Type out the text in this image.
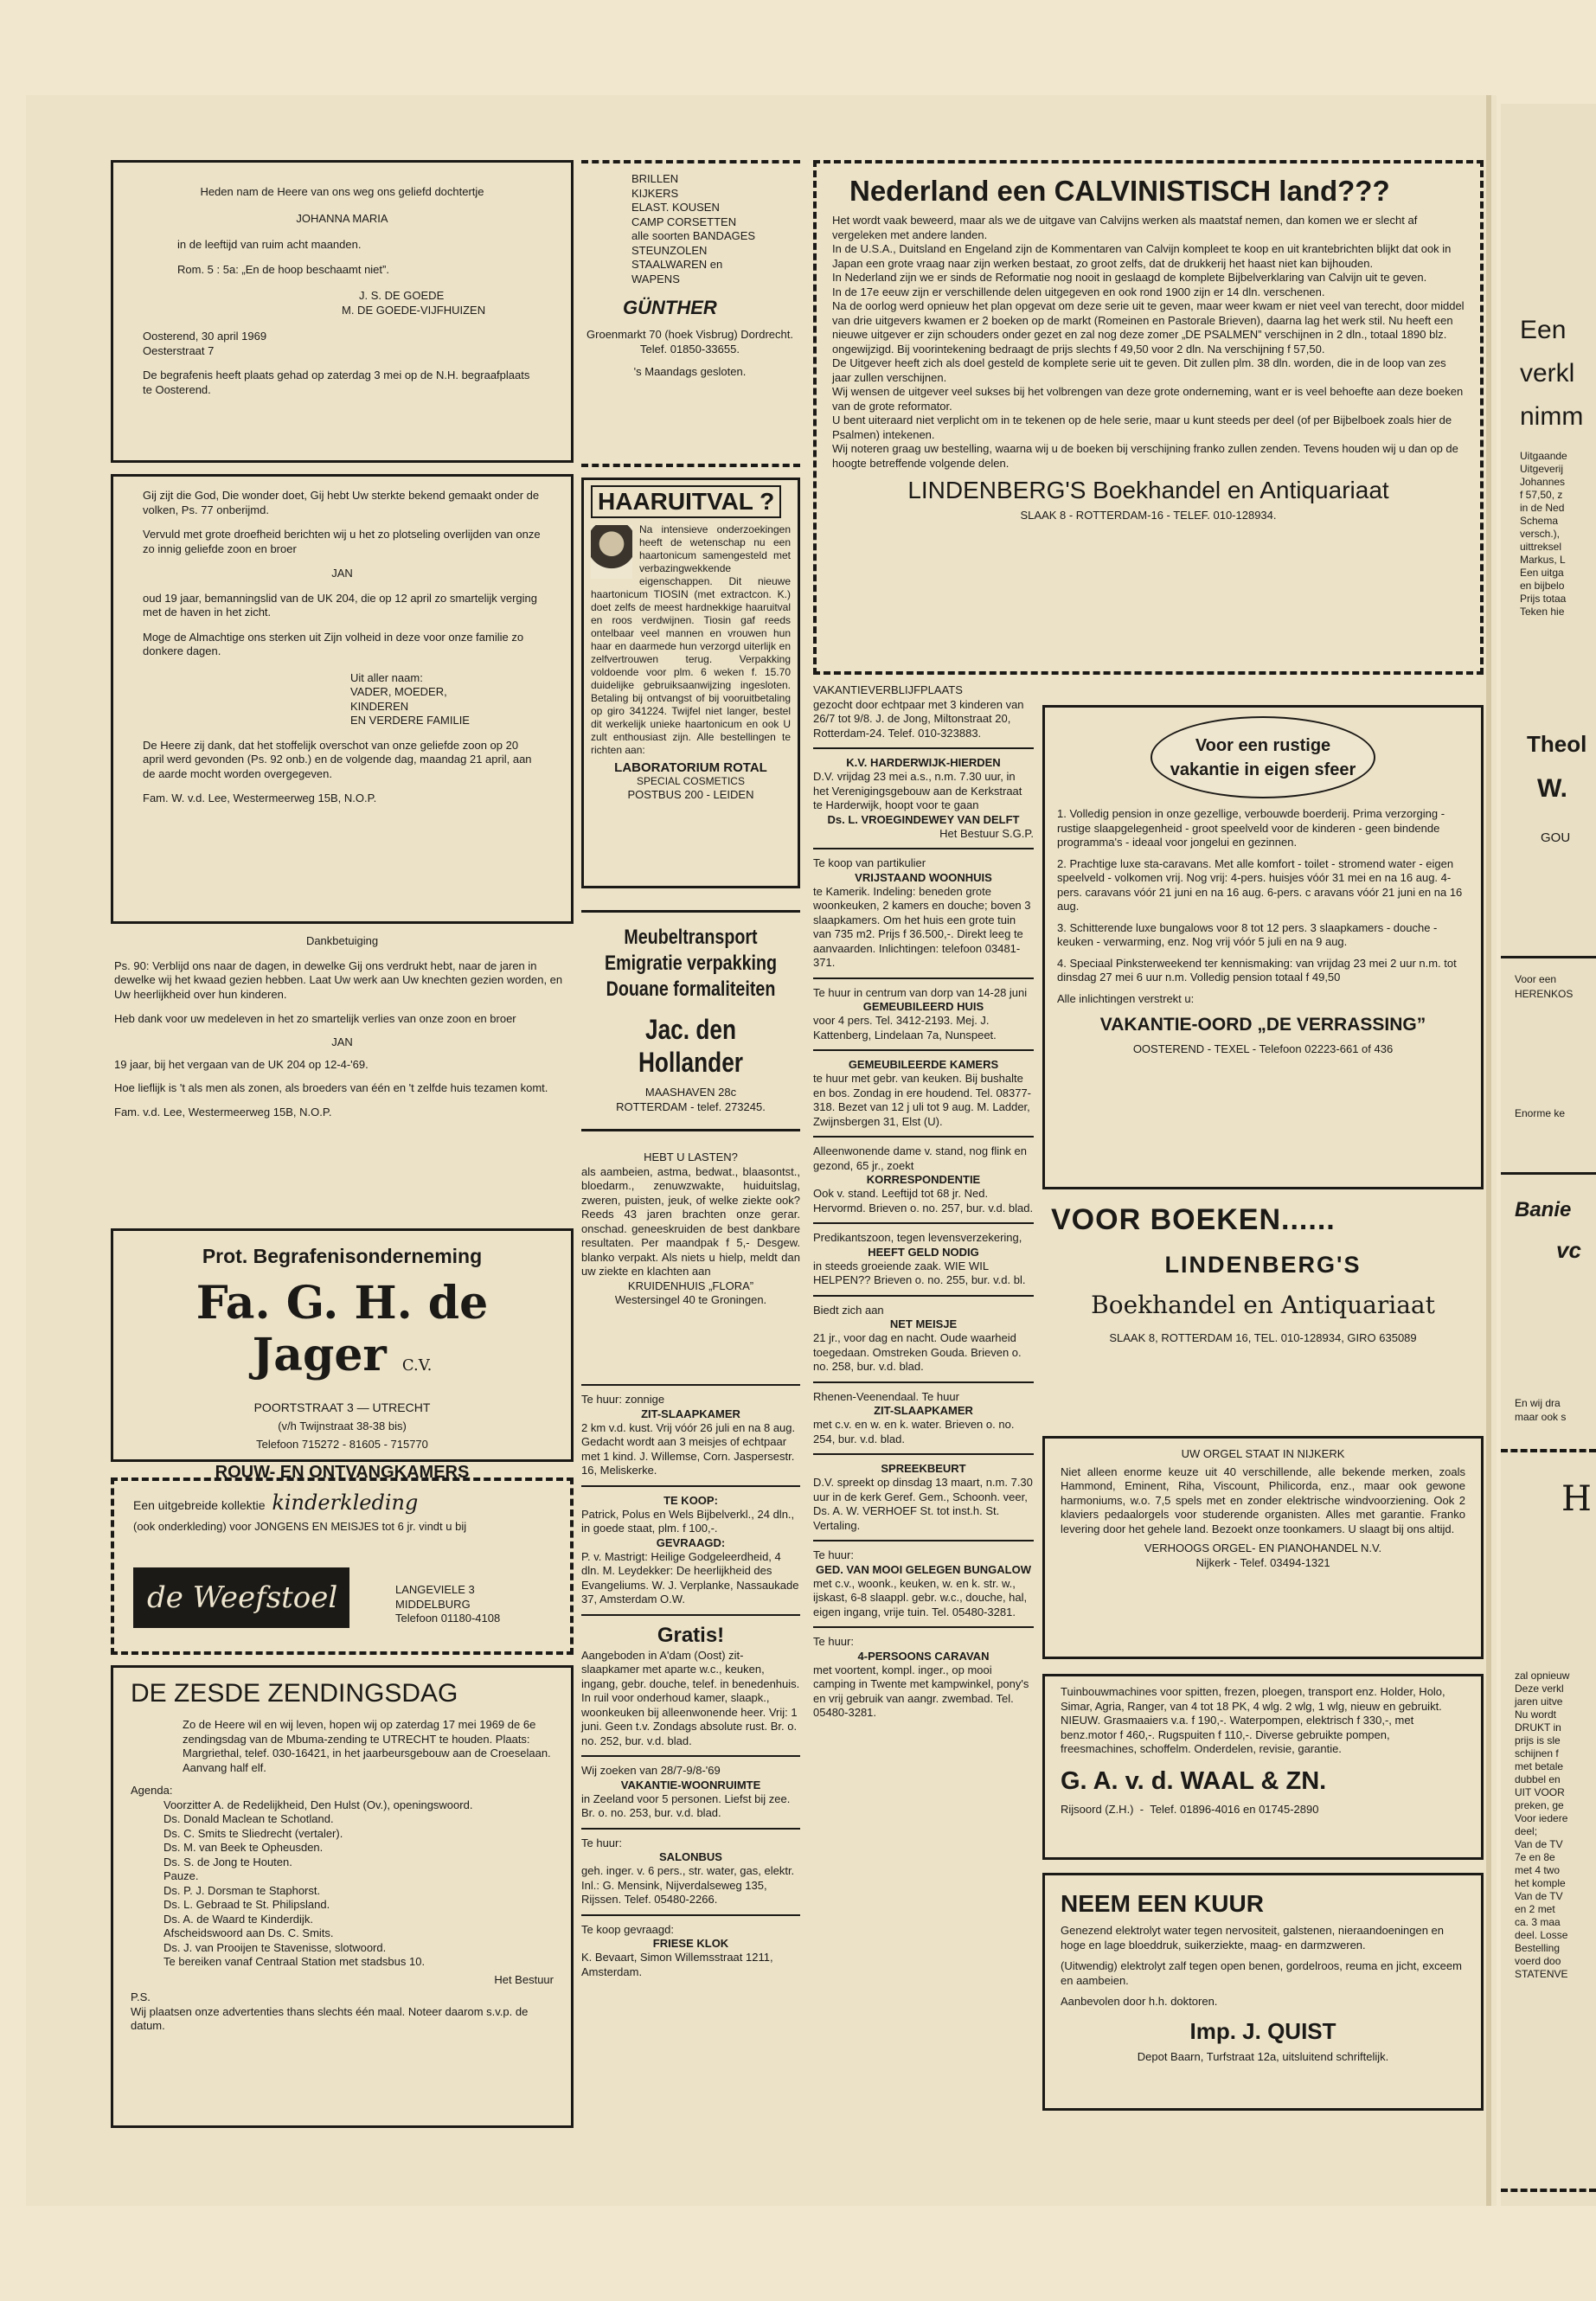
Heden nam de Heere van ons weg ons geliefd dochtertje

JOHANNA MARIA

in de leeftijd van ruim acht maanden.

Rom. 5 : 5a: „En de hoop beschaamt niet”.

J. S. DE GOEDE

M. DE GOEDE-VIJFHUIZEN

Oosterend, 30 april 1969

Oesterstraat 7

De begrafenis heeft plaats gehad op zaterdag 3 mei op de N.H. begraafplaats te Oosterend.

Gij zijt die God, Die wonder doet, Gij hebt Uw sterkte bekend gemaakt onder de volken, Ps. 77 onberijmd.

Vervuld met grote droefheid berichten wij u het zo plotseling overlijden van onze zo innig geliefde zoon en broer

JAN

oud 19 jaar, bemanningslid van de UK 204, die op 12 april zo smartelijk verging met de haven in het zicht.

Moge de Almachtige ons sterken uit Zijn volheid in deze voor onze familie zo donkere dagen.

Uit aller naam:

VADER, MOEDER,

KINDEREN

EN VERDERE FAMILIE

De Heere zij dank, dat het stoffelijk overschot van onze geliefde zoon op 20 april werd gevonden (Ps. 92 onb.) en de volgende dag, maandag 21 april, aan de aarde mocht worden overgegeven.

Fam. W. v.d. Lee, Westermeerweg 15B, N.O.P.

Dankbetuiging

Ps. 90: Verblijd ons naar de dagen, in dewelke Gij ons verdrukt hebt, naar de jaren in dewelke wij het kwaad gezien hebben. Laat Uw werk aan Uw knechten gezien worden, en Uw heerlijkheid over hun kinderen.

Heb dank voor uw medeleven in het zo smartelijk verlies van onze zoon en broer

JAN

19 jaar, bij het vergaan van de UK 204 op 12-4-'69.

Hoe lieflijk is 't als men als zonen, als broeders van één en 't zelfde huis tezamen komt.

Fam. v.d. Lee, Westermeerweg 15B, N.O.P.

Prot. Begrafenisonderneming

Fa. G. H. de Jager C.V.

POORTSTRAAT 3 — UTRECHT

(v/h Twijnstraat 38-38 bis)

Telefoon 715272 - 81605 - 715770

ROUW- EN ONTVANGKAMERS

Een uitgebreide kollektie kinderkleding

(ook onderkleding) voor JONGENS EN MEISJES tot 6 jr. vindt u bij

de Weefstoel	LANGEVIELE 3

MIDDELBURG

Telefoon 01180-4108

DE ZESDE ZENDINGSDAG

Zo de Heere wil en wij leven, hopen wij op zaterdag 17 mei 1969 de 6e zendingsdag van de Mbuma-zending te UTRECHT te houden. Plaats: Margriethal, telef. 030-16421, in het jaarbeursgebouw aan de Croeselaan. Aanvang half elf.

Agenda:

Voorzitter A. de Redelijkheid, Den Hulst (Ov.), openingswoord.

Ds. Donald Maclean te Schotland.

Ds. C. Smits te Sliedrecht (vertaler).

Ds. M. van Beek te Opheusden.

Ds. S. de Jong te Houten.

Pauze.

Ds. P. J. Dorsman te Staphorst.

Ds. L. Gebraad te St. Philipsland.

Ds. A. de Waard te Kinderdijk.

Afscheidswoord aan Ds. C. Smits.

Ds. J. van Prooijen te Stavenisse, slotwoord.

Te bereiken vanaf Centraal Station met stadsbus 10.

Het Bestuur

P.S.

Wij plaatsen onze advertenties thans slechts één maal. Noteer daarom s.v.p. de datum.

BRILLEN

KIJKERS

ELAST. KOUSEN

CAMP CORSETTEN

alle soorten BANDAGES

STEUNZOLEN

STAALWAREN en

WAPENS

GÜNTHER

Groenmarkt 70 (hoek Visbrug) Dordrecht. Telef. 01850-33655.

's Maandags gesloten.

HAARUITVAL ?

Na intensieve onderzoekingen heeft de wetenschap nu een haartonicum samengesteld met verbazingwekkende eigenschappen. Dit nieuwe haartonicum TIOSIN (met extractcon. K.) doet zelfs de meest hardnekkige haaruitval en roos verdwijnen. Tiosin gaf reeds ontelbaar veel mannen en vrouwen hun haar en daarmede hun verzorgd uiterlijk en zelfvertrouwen terug. Verpakking voldoende voor plm. 6 weken f. 15.70 duidelijke gebruiksaanwijzing ingesloten. Betaling bij ontvangst of bij vooruitbetaling op giro 341224. Twijfel niet langer, bestel dit werkelijk unieke haartonicum en ook U zult enthousiast zijn. Alle bestellingen te richten aan:

LABORATORIUM ROTAL

SPECIAL COSMETICS

POSTBUS 200 - LEIDEN

Meubeltransport

Emigratie verpakking

Douane formaliteiten

Jac. den Hollander

MAASHAVEN 28c

ROTTERDAM - telef. 273245.

HEBT U LASTEN?

als aambeien, astma, bedwat., blaasontst., bloedarm., zenuwzwakte, huiduitslag, zweren, puisten, jeuk, of welke ziekte ook? Reeds 43 jaren brachten onze geгar. onschad. geneeskruiden de best dankbare resultaten. Per maandpak f 5,- Desgew. blanko verpakt. Als niets u hielp, meldt dan uw ziekte en klachten aan

KRUIDENHUIS „FLORA”

Westersingel 40 te Groningen.

Te huur: zonnige

ZIT-SLAAPKAMER

2 km v.d. kust. Vrij vóór 26 juli en na 8 aug. Gedacht wordt aan 3 meisjes of echtpaar met 1 kind. J. Willemse, Corn. Jaspersestr. 16, Meliskerke.

TE KOOP:

Patrick, Polus en Wels Bijbelverkl., 24 dln., in goede staat, plm. f 100,-.

GEVRAAGD:

P. v. Mastrigt: Heilige Godgeleerdheid, 4 dln. M. Leydekker: De heerlijkheid des Evangeliums. W. J. Verplanke, Nassaukade 37, Amsterdam O.W.

Gratis!

Aangeboden in A'dam (Oost) zit-slaapkamer met aparte w.c., keuken, ingang, gebr. douche, telef. in benedenhuis. In ruil voor onderhoud kamer, slaapk., woonkeuken bij alleenwonende heer. Vrij: 1 juni. Geen t.v. Zondags absolute rust. Br. o. no. 252, bur. v.d. blad.

Wij zoeken van 28/7-9/8-'69

VAKANTIE-WOONRUIMTE

in Zeeland voor 5 personen. Liefst bij zee. Br. o. no. 253, bur. v.d. blad.

Te huur:

SALONBUS

geh. inger. v. 6 pers., str. water, gas, elektr. Inl.: G. Mensink, Nijverdalseweg 135, Rijssen. Telef. 05480-2266.

Te koop gevraagd:

FRIESE KLOK

K. Bevaart, Simon Willemsstraat 1211, Amsterdam.

Nederland een CALVINISTISCH land???

Het wordt vaak beweerd, maar als we de uitgave van Calvijns werken als maatstaf nemen, dan komen we er slecht af vergeleken met andere landen.

In de U.S.A., Duitsland en Engeland zijn de Kommentaren van Calvijn kompleet te koop en uit krantebrichten blijkt dat ook in Japan een grote vraag naar zijn werken bestaat, zo groot zelfs, dat de drukkerij het haast niet kan bijhouden.

In Nederland zijn we er sinds de Reformatie nog nooit in geslaagd de komplete Bijbelverklaring van Calvijn uit te geven.

In de 17e eeuw zijn er verschillende delen uitgegeven en ook rond 1900 zijn er 14 dln. verschenen.

Na de oorlog werd opnieuw het plan opgevat om deze serie uit te geven, maar weer kwam er niet veel van terecht, door middel van drie uitgevers kwamen er 2 boeken op de markt (Romeinen en Pastorale Brieven), daarna lag het werk stil. Nu heeft een nieuwe uitgever er zijn schouders onder gezet en zal nog deze zomer „DE PSALMEN” verschijnen in 2 dln., totaal 1890 blz. ongewijzigd. Bij voorintekening bedraagt de prijs slechts f 49,50 voor 2 dln. Na verschijning f 57,50.

De Uitgever heeft zich als doel gesteld de komplete serie uit te geven. Dit zullen plm. 38 dln. worden, die in de loop van zes jaar zullen verschijnen.

Wij wensen de uitgever veel sukses bij het volbrengen van deze grote onderneming, want er is veel behoefte aan deze boeken van de grote reformator.

U bent uiteraard niet verplicht om in te tekenen op de hele serie, maar u kunt steeds per deel (of per Bijbelboek zoals hier de Psalmen) intekenen.

Wij noteren graag uw bestelling, waarna wij u de boeken bij verschijning franko zullen zenden. Tevens houden wij u dan op de hoogte betreffende volgende delen.

LINDENBERG'S Boekhandel en Antiquariaat

SLAAK 8 - ROTTERDAM-16 - TELEF. 010-128934.

VAKANTIEVERBLIJFPLAATS

gezocht door echtpaar met 3 kinderen van 26/7 tot 9/8. J. de Jong, Miltonstraat 20, Rotterdam-24. Telef. 010-323883.

K.V. HARDERWIJK-HIERDEN

D.V. vrijdag 23 mei a.s., n.m. 7.30 uur, in het Verenigingsgebouw aan de Kerkstraat te Harderwijk, hoopt voor te gaan

Ds. L. VROEGINDEWEY VAN DELFT

Het Bestuur S.G.P.

Te koop van partikulier

VRIJSTAAND WOONHUIS

te Kamerik. Indeling: beneden grote woonkeuken, 2 kamers en douche; boven 3 slaapkamers. Om het huis een grote tuin van 735 m2. Prijs f 36.500,-. Direkt leeg te aanvaarden. Inlichtingen: telefoon 03481-371.

Te huur in centrum van dorp van 14-28 juni

GEMEUBILEERD HUIS

voor 4 pers. Tel. 3412-2193. Mej. J. Kattenberg, Lindelaan 7a, Nunspeet.

GEMEUBILEERDE KAMERS

te huur met gebr. van keuken. Bij bushalte en bos. Zondag in ere houdend. Tel. 08377-318. Bezet van 12 j uli tot 9 aug. M. Ladder, Zwijnsbergen 31, Elst (U).

Alleenwonende dame v. stand, nog flink en gezond, 65 jr., zoekt

KORRESPONDENTIE

Ook v. stand. Leeftijd tot 68 jr. Ned. Hervormd. Brieven o. no. 257, bur. v.d. blad.

Predikantszoon, tegen levensverzekering,

HEEFT GELD NODIG

in steeds groeiende zaak. WIE WIL HELPEN?? Brieven o. no. 255, bur. v.d. bl.

Biedt zich aan

NET MEISJE

21 jr., voor dag en nacht. Oude waarheid toegedaan. Omstreken Gouda. Brieven o. no. 258, bur. v.d. blad.

Rhenen-Veenendaal. Te huur

ZIT-SLAAPKAMER

met c.v. en w. en k. water. Brieven o. no. 254, bur. v.d. blad.

SPREEKBEURT

D.V. spreekt op dinsdag 13 maart, n.m. 7.30 uur in de kerk Geref. Gem., Schoonh. veer, Ds. A. W. VERHOEF St. tot inst.h. St. Vertaling.

Te huur:

GED. VAN MOOI GELEGEN BUNGALOW

met c.v., woonk., keuken, w. en k. str. w., ijskast, 6-8 slaappl. gebr. w.c., douche, hal, eigen ingang, vrije tuin. Tel. 05480-3281.

Te huur:

4-PERSOONS CARAVAN

met voortent, kompl. inger., op mooi camping in Twente met kampwinkel, pony's en vrij gebruik van aangr. zwembad. Tel. 05480-3281.

Voor een rustige

vakantie in eigen sfeer

1. Volledig pension in onze gezellige, verbouwde boerderij. Prima verzorging - rustige slaapgelegenheid - groot speelveld voor de kinderen - geen bindende programma's - ideaal voor jongelui en gezinnen.

2. Prachtige luxe sta-caravans. Met alle komfort - toilet - stromend water - eigen speelveld - volkomen vrij. Nog vrij: 4-pers. huisjes vóór 31 mei en na 16 aug. 4-pers. caravans vóór 21 juni en na 16 aug. 6-pers. c aravans vóór 21 juni en na 16 aug.

3. Schitterende luxe bungalows voor 8 tot 12 pers. 3 slaapkamers - douche - keuken - verwarming, enz. Nog vrij vóór 5 juli en na 9 aug.

4. Speciaal Pinksterweekend ter kennismaking: van vrijdag 23 mei 2 uur n.m. tot dinsdag 27 mei 6 uur n.m. Volledig pension totaal f 49,50

Alle inlichtingen verstrekt u:

VAKANTIE-OORD „DE VERRASSING”

OOSTEREND - TEXEL - Telefoon 02223-661 of 436

VOOR BOEKEN......

LINDENBERG'S

Boekhandel en Antiquariaat

SLAAK 8, ROTTERDAM 16, TEL. 010-128934, GIRO 635089

UW ORGEL STAAT IN NIJKERK

Niet alleen enorme keuze uit 40 verschillende, alle bekende merken, zoals Hammond, Eminent, Riha, Viscount, Philicorda, enz., maar ook gewone harmoniums, w.o. 7,5 spels met en zonder elektrische windvoorziening. Ook 2 klaviers pedaalorgels voor studerende organisten. Alles met garantie. Franko levering door het gehele land. Bezoekt onze toonkamers. U slaagt bij ons altijd.

VERHOOGS ORGEL- EN PIANOHANDEL N.V.

Nijkerk - Telef. 03494-1321

Tuinbouwmachines voor spitten, frezen, ploegen, transport enz. Holder, Holo, Simar, Agria, Ranger, van 4 tot 18 PK, 4 wlg. 2 wlg, 1 wlg, nieuw en gebruikt. NIEUW. Grasmaaiers v.a. f 190,-. Waterpompen, elektrisch f 330,-, met benz.motor f 460,-. Rugspuiten f 110,-. Diverse gebruikte pompen, freesmachines, schoffelm. Onderdelen, revisie, garantie.

G. A. v. d. WAAL & ZN.

Rijsoord (Z.H.)  -  Telef. 01896-4016 en 01745-2890

NEEM EEN KUUR

Genezend elektrolyt water tegen nervositeit, galstenen, nieraandoeningen en hoge en lage bloeddruk, suikerziekte, maag- en darmzweren.

(Uitwendig) elektrolyt zalf tegen open benen, gordelroos, reuma en jicht, exceem en aambeien.

Aanbevolen door h.h. doktoren.

Imp. J. QUIST

Depot Baarn, Turfstraat 12a, uitsluitend schriftelijk.

Een

verkl

nimm

Uitgaande

Uitgeverij

Johannes

f 57,50, z

in de Ned

Schema

versch.),

uittreksel

Markus, L

Een uitga

en bijbelo

Prijs totaa

Teken hie

Theol

W.

GOU

Voor een

HERENKOS

Enorme ke

Banie

vc

En wij dra

maar ook s

H

zal opnieuw

Deze verkl

jaren uitve

Nu wordt

DRUKT in

prijs is sle

schijnen f

met betale

dubbel en

UIT VOOR

preken, ge

Voor iedere

deel;

Van de TV

7e en 8e

met 4 two

het komple

Van de TV

en 2 met

ca. 3 maa

deel. Losse

Bestelling

voerd doo

STATENVE
